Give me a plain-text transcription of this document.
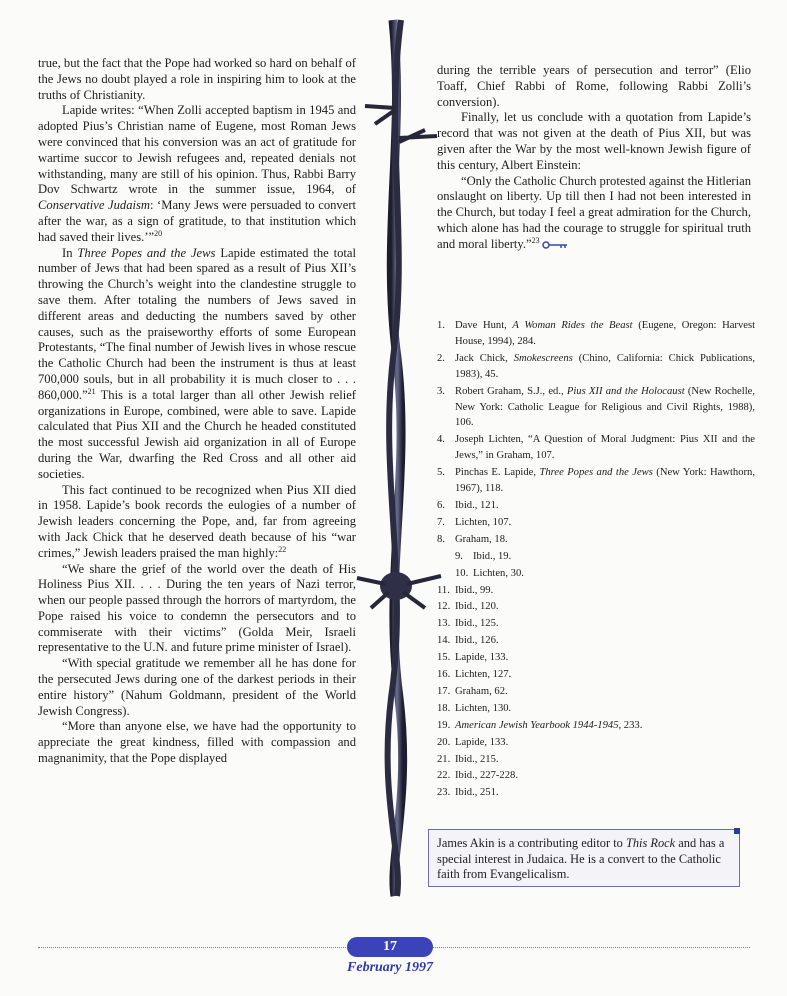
true, but the fact that the Pope had worked so hard on behalf of the Jews no doubt played a role in inspiring him to look at the truths of Christianity.

Lapide writes: “When Zolli accepted baptism in 1945 and adopted Pius’s Christian name of Eugene, most Roman Jews were convinced that his conversion was an act of gratitude for wartime succor to Jewish refugees and, repeated denials not withstanding, many are still of his opinion. Thus, Rabbi Barry Dov Schwartz wrote in the summer issue, 1964, of Conservative Judaism: ‘Many Jews were persuaded to convert after the war, as a sign of gratitude, to that institution which had saved their lives.’”$^{20}$

In Three Popes and the Jews Lapide estimated the total number of Jews that had been spared as a result of Pius XII’s throwing the Church’s weight into the clandestine struggle to save them. After totaling the numbers of Jews saved in different areas and deducting the numbers saved by other causes, such as the praiseworthy efforts of some European Protestants, “The final number of Jewish lives in whose rescue the Catholic Church had been the instrument is thus at least 700,000 souls, but in all probability it is much closer to . . . 860,000.”$^{21}$ This is a total larger than all other Jewish relief organizations in Europe, combined, were able to save. Lapide calculated that Pius XII and the Church he headed constituted the most successful Jewish aid organization in all of Europe during the War, dwarfing the Red Cross and all other aid societies.

This fact continued to be recognized when Pius XII died in 1958. Lapide’s book records the eulogies of a number of Jewish leaders concerning the Pope, and, far from agreeing with Jack Chick that he deserved death because of his “war crimes,” Jewish leaders praised the man highly:$^{22}$

“We share the grief of the world over the death of His Holiness Pius XII. . . . During the ten years of Nazi terror, when our people passed through the horrors of martyrdom, the Pope raised his voice to condemn the persecutors and to commiserate with their victims” (Golda Meir, Israeli representative to the U.N. and future prime minister of Israel).

“With special gratitude we remember all he has done for the persecuted Jews during one of the darkest periods in their entire history” (Nahum Goldmann, president of the World Jewish Congress).

“More than anyone else, we have had the opportunity to appreciate the great kindness, filled with compassion and magnanimity, that the Pope displayed

during the terrible years of persecution and terror” (Elio Toaff, Chief Rabbi of Rome, following Rabbi Zolli’s conversion).

Finally, let us conclude with a quotation from Lapide’s record that was not given at the death of Pius XII, but was given after the War by the most well-known Jewish figure of this century, Albert Einstein:

“Only the Catholic Church protested against the Hitlerian onslaught on liberty. Up till then I had not been interested in the Church, but today I feel a great admiration for the Church, which alone has had the courage to struggle for spiritual truth and moral liberty.”$^{23}$

1. Dave Hunt, A Woman Rides the Beast (Eugene, Oregon: Harvest House, 1994), 284.
2. Jack Chick, Smokescreens (Chino, California: Chick Publications, 1983), 45.
3. Robert Graham, S.J., ed., Pius XII and the Holocaust (New Rochelle, New York: Catholic League for Religious and Civil Rights, 1988), 106.
4. Joseph Lichten, “A Question of Moral Judgment: Pius XII and the Jews,” in Graham, 107.
5. Pinchas E. Lapide, Three Popes and the Jews (New York: Hawthorn, 1967), 118.
6. Ibid., 121.
7. Lichten, 107.
8. Graham, 18.
9. Ibid., 19.
10. Lichten, 30.
11. Ibid., 99.
12. Ibid., 120.
13. Ibid., 125.
14. Ibid., 126.
15. Lapide, 133.
16. Lichten, 127.
17. Graham, 62.
18. Lichten, 130.
19. American Jewish Yearbook 1944-1945, 233.
20. Lapide, 133.
21. Ibid., 215.
22. Ibid., 227-228.
23. Ibid., 251.
James Akin is a contributing editor to This Rock and has a special interest in Judaica. He is a convert to the Catholic faith from Evangelicalism.
17
February 1997
